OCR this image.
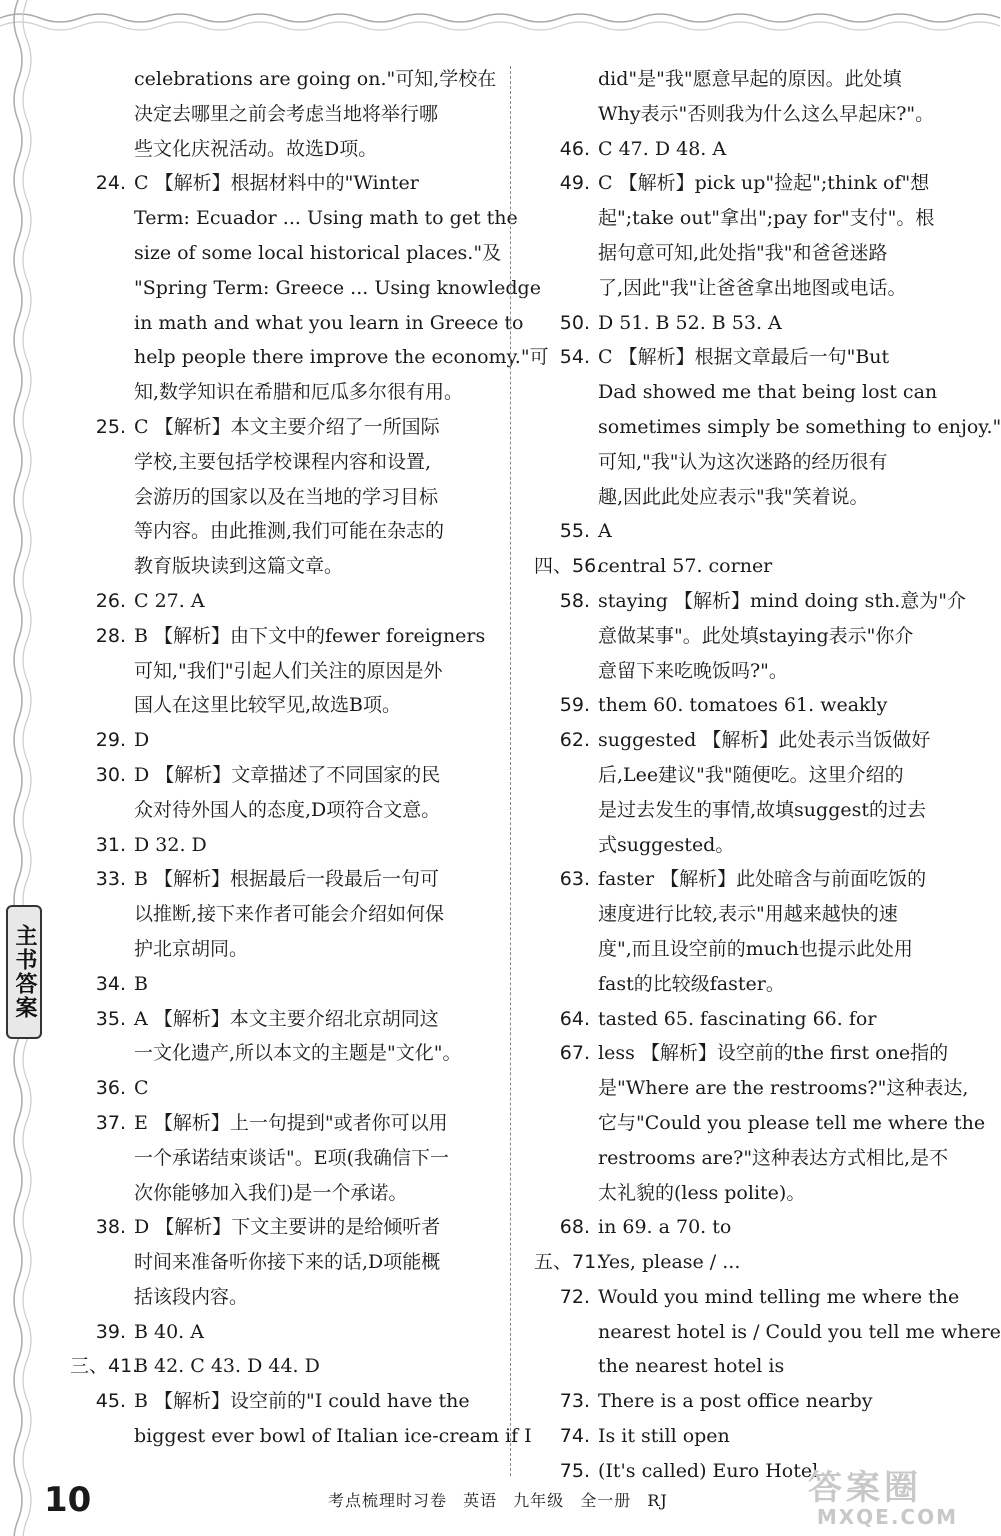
主书答案
celebrations are going on."可知,学校在
决定去哪里之前会考虑当地将举行哪
些文化庆祝活动。故选D项。
24. C 【解析】根据材料中的"Winter
Term: Ecuador ... Using math to get the
size of some local historical places."及
"Spring Term: Greece ... Using knowledge
in math and what you learn in Greece to
help people there improve the economy."可
知,数学知识在希腊和厄瓜多尔很有用。
25. C 【解析】本文主要介绍了一所国际
学校,主要包括学校课程内容和设置,
会游历的国家以及在当地的学习目标
等内容。由此推测,我们可能在杂志的
教育版块读到这篇文章。
26. C 27. A
28. B 【解析】由下文中的fewer foreigners
可知,"我们"引起人们关注的原因是外
国人在这里比较罕见,故选B项。
29. D
30. D 【解析】文章描述了不同国家的民
众对待外国人的态度,D项符合文意。
31. D 32. D
33. B 【解析】根据最后一段最后一句可
以推断,接下来作者可能会介绍如何保
护北京胡同。
34. B
35. A 【解析】本文主要介绍北京胡同这
一文化遗产,所以本文的主题是"文化"。
36. C
37. E 【解析】上一句提到"或者你可以用
一个承诺结束谈话"。E项(我确信下一
次你能够加入我们)是一个承诺。
38. D 【解析】下文主要讲的是给倾听者
时间来准备听你接下来的话,D项能概
括该段内容。
39. B 40. A
三、41.B 42. C 43. D 44. D
45. B 【解析】设空前的"I could have the
biggest ever bowl of Italian ice-cream if I
did"是"我"愿意早起的原因。此处填
Why表示"否则我为什么这么早起床?"。
46. C 47. D 48. A
49. C 【解析】pick up"捡起";think of"想
起";take out"拿出";pay for"支付"。根
据句意可知,此处指"我"和爸爸迷路
了,因此"我"让爸爸拿出地图或电话。
50. D 51. B 52. B 53. A
54. C 【解析】根据文章最后一句"But
Dad showed me that being lost can
sometimes simply be something to enjoy."
可知,"我"认为这次迷路的经历很有
趣,因此此处应表示"我"笑着说。
55. A
四、56.central 57. corner
58. staying 【解析】mind doing sth.意为"介
意做某事"。此处填staying表示"你介
意留下来吃晚饭吗?"。
59. them 60. tomatoes 61. weakly
62. suggested 【解析】此处表示当饭做好
后,Lee建议"我"随便吃。这里介绍的
是过去发生的事情,故填suggest的过去
式suggested。
63. faster 【解析】此处暗含与前面吃饭的
速度进行比较,表示"用越来越快的速
度",而且设空前的much也提示此处用
fast的比较级faster。
64. tasted 65. fascinating 66. for
67. less 【解析】设空前的the first one指的
是"Where are the restrooms?"这种表达,
它与"Could you please tell me where the
restrooms are?"这种表达方式相比,是不
太礼貌的(less polite)。
68. in 69. a 70. to
五、71.Yes, please / ...
72. Would you mind telling me where the
nearest hotel is / Could you tell me where
the nearest hotel is
73. There is a post office nearby
74. Is it still open
75. (It's called) Euro Hotel
10	考点梳理时习卷 英语 九年级 全一册 RJ	答案圈
MXQE.COM
